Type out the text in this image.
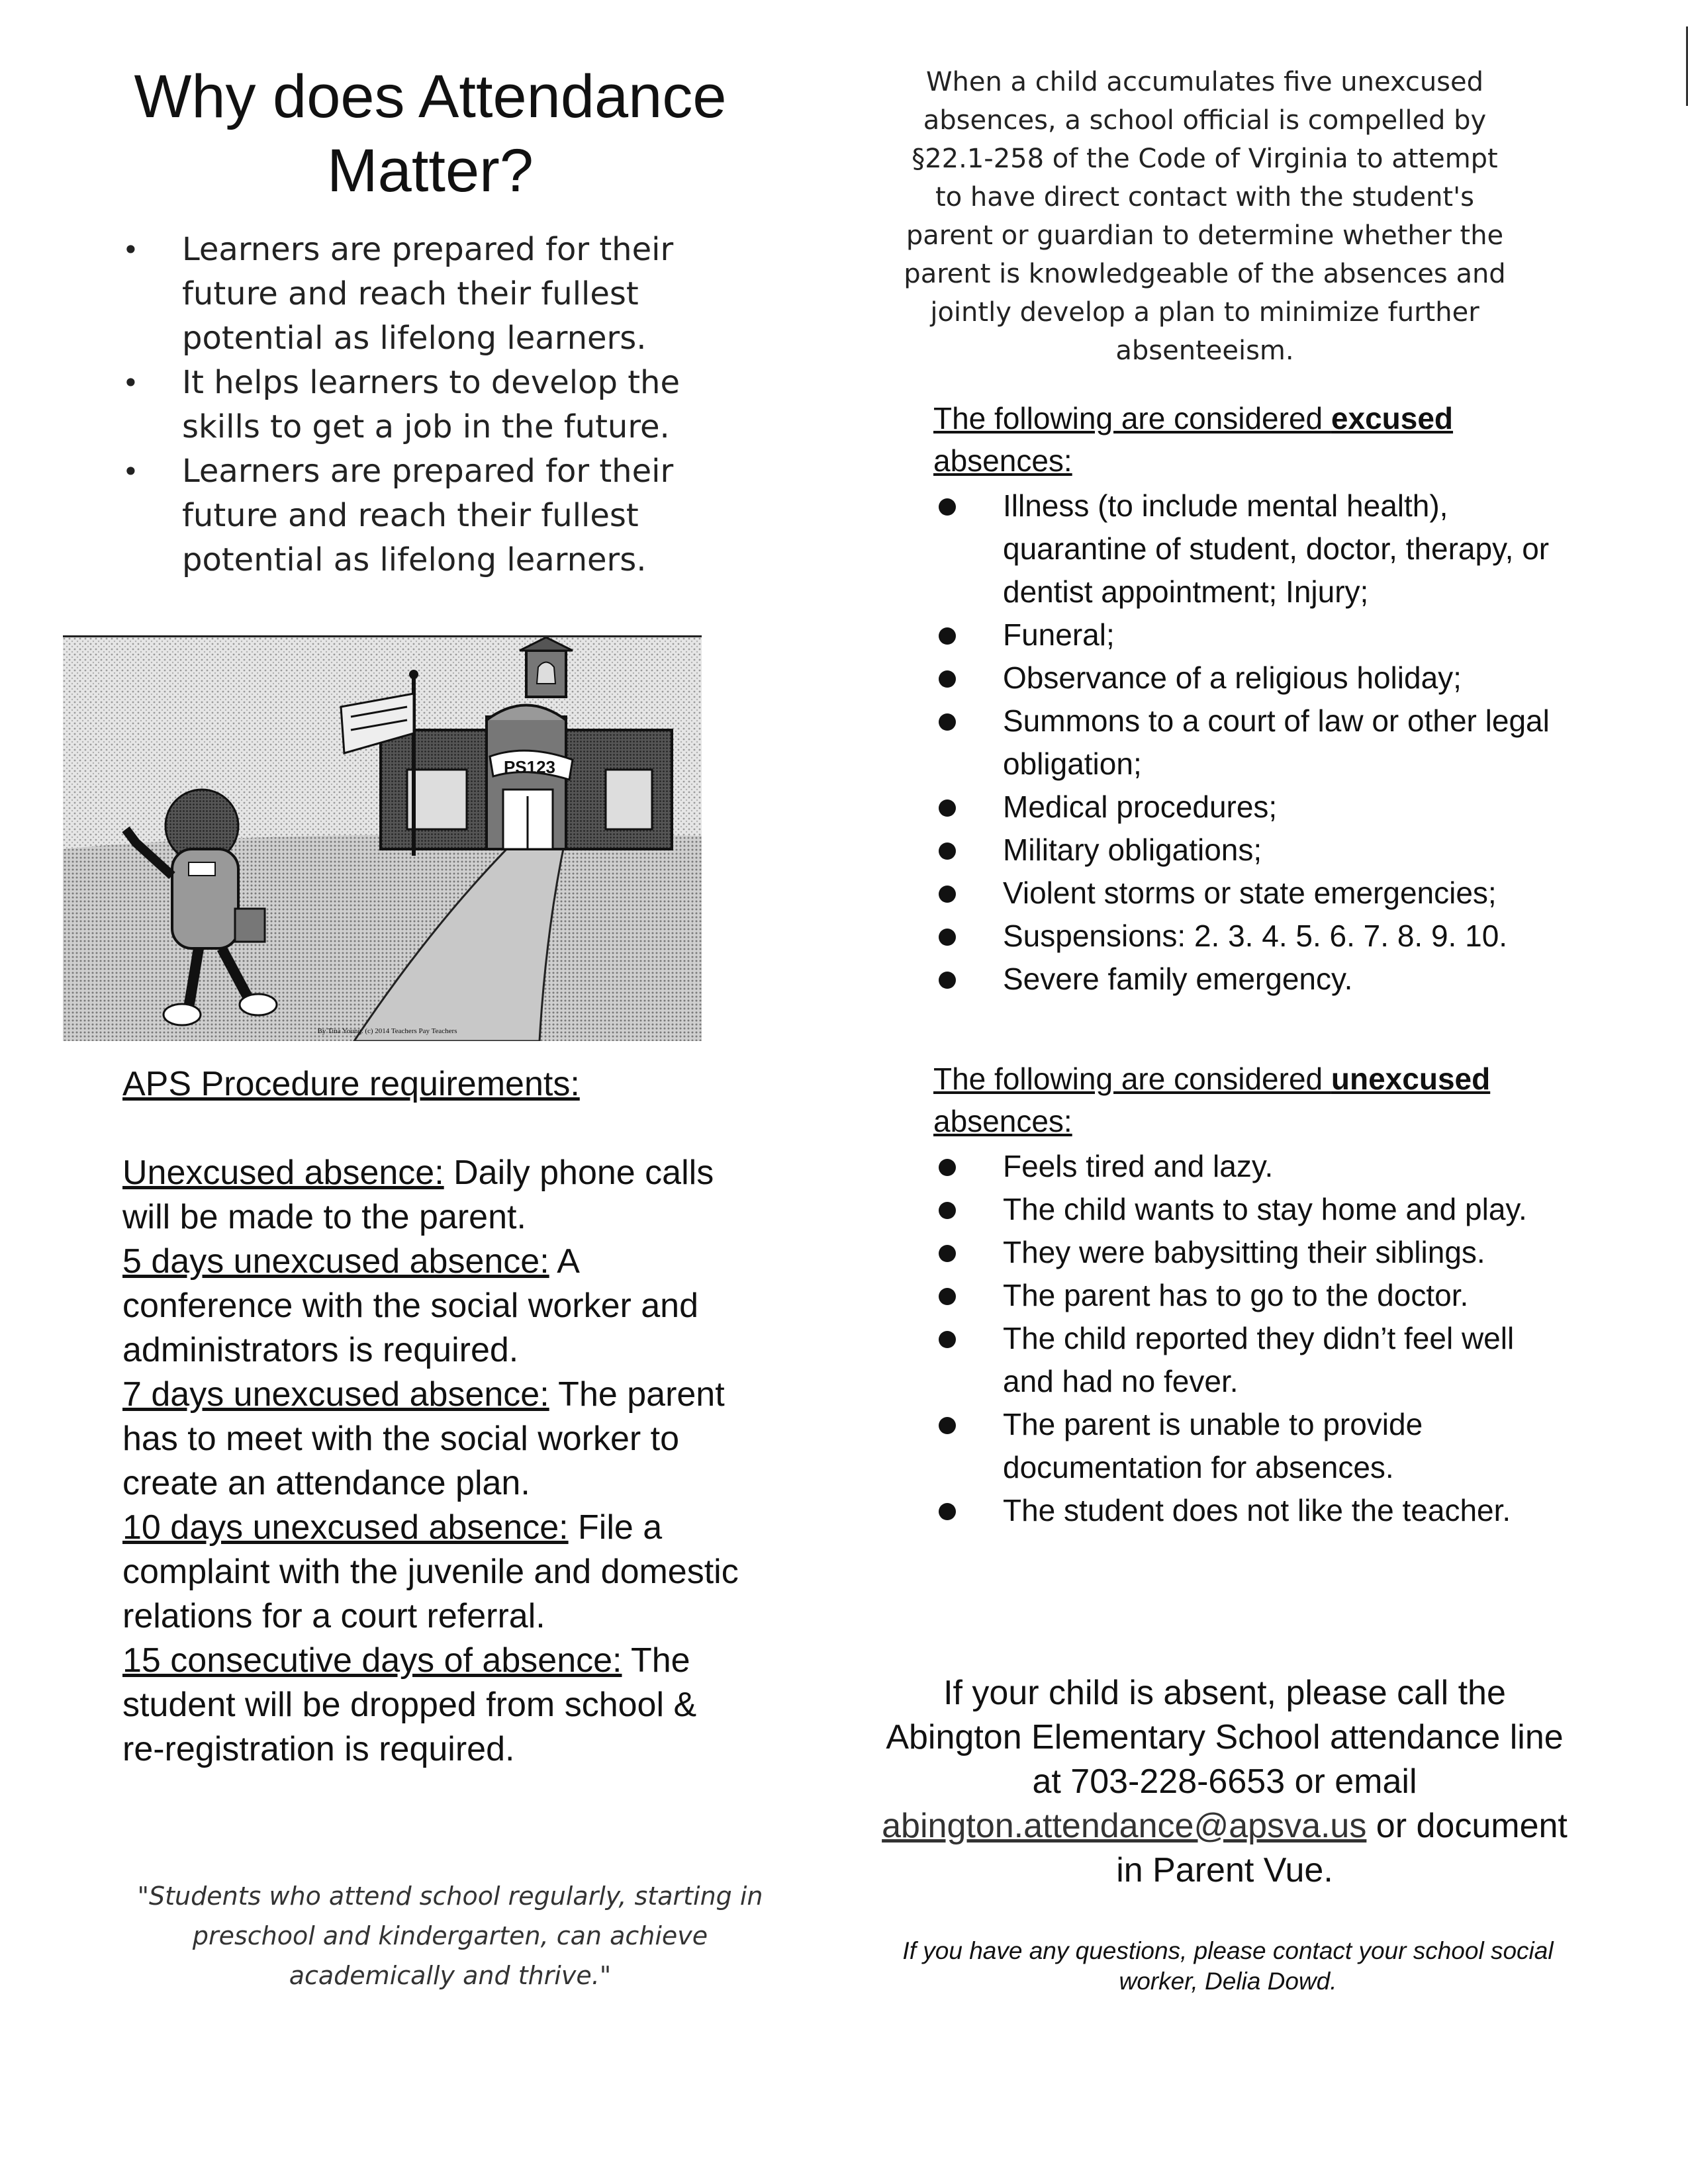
Why does Attendance
Matter?
• Learners are prepared for their future and reach their fullest potential as lifelong learners.
• It helps learners to develop the skills to get a job in the future.
• Learners are prepared for their future and reach their fullest potential as lifelong learners.
PS123
By Tina Young. (c) 2014 Teachers Pay Teachers
APS Procedure requirements:
Unexcused absence: Daily phone calls will be made to the parent.
5 days unexcused absence: A conference with the social worker and administrators is required.
7 days unexcused absence: The parent has to meet with the social worker to create an attendance plan.
10 days unexcused absence: File a complaint with the juvenile and domestic relations for a court referral.
15 consecutive days of absence: The student will be dropped from school & re-registration is required.
"Students who attend school regularly, starting in preschool and kindergarten, can achieve academically and thrive."
When a child accumulates five unexcused absences, a school official is compelled by §22.1-258 of the Code of Virginia to attempt to have direct contact with the student's parent or guardian to determine whether the parent is knowledgeable of the absences and jointly develop a plan to minimize further absenteeism.
The following are considered excused
absences:
Illness (to include mental health), quarantine of student, doctor, therapy, or dentist appointment; Injury;
Funeral;
Observance of a religious holiday;
Summons to a court of law or other legal obligation;
Medical procedures;
Military obligations;
Violent storms or state emergencies;
Suspensions: 2. 3. 4. 5. 6. 7. 8. 9. 10.
Severe family emergency.
The following are considered unexcused
absences:
Feels tired and lazy.
The child wants to stay home and play.
They were babysitting their siblings.
The parent has to go to the doctor.
The child reported they didn’t feel well and had no fever.
The parent is unable to provide documentation for absences.
The student does not like the teacher.
If your child is absent, please call the Abington Elementary School attendance line at 703-228-6653 or email abington.attendance@apsva.us or document in Parent Vue.
If you have any questions, please contact your school social worker, Delia Dowd.
